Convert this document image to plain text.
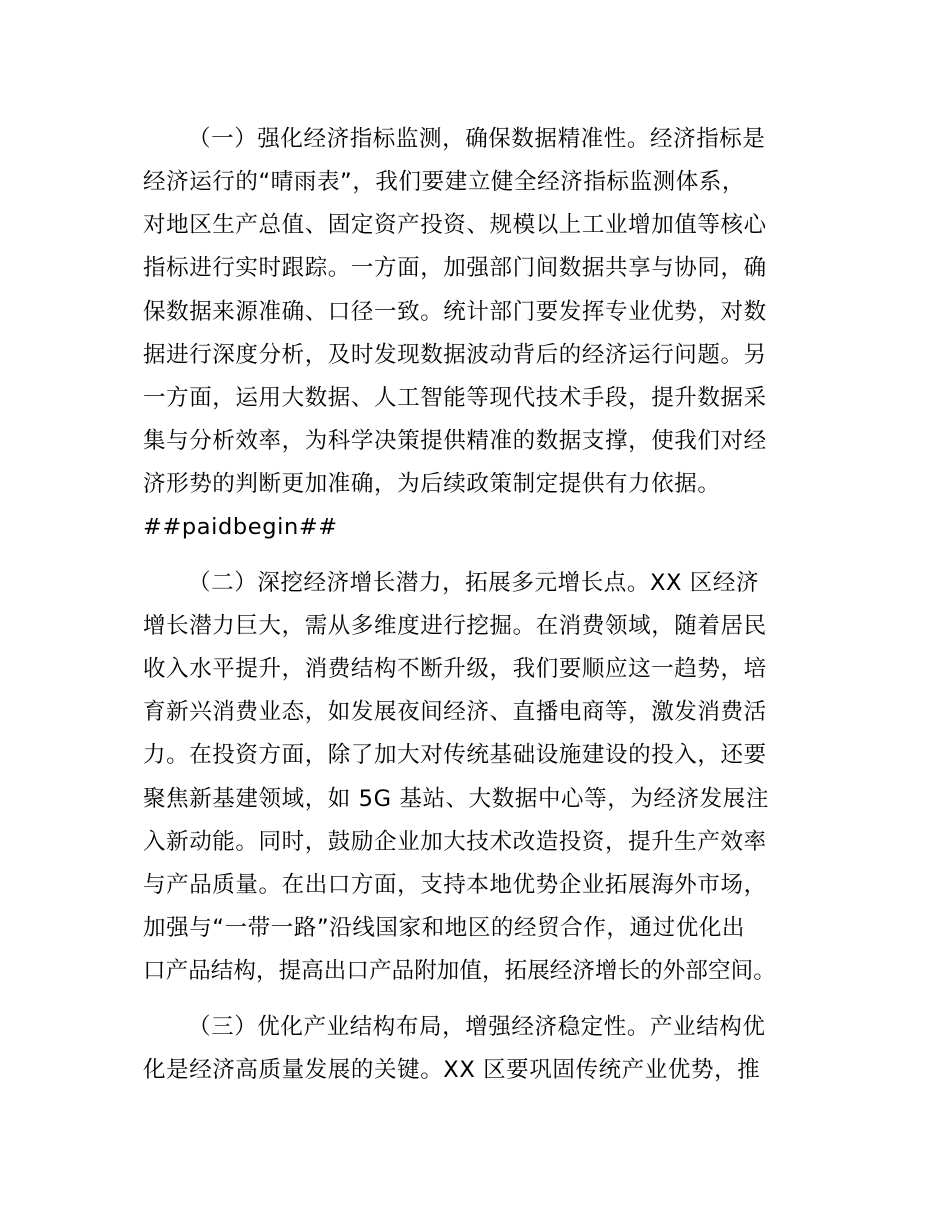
（一）强化经济指标监测，确保数据精准性。经济指标是
经济运行的“晴雨表”，我们要建立健全经济指标监测体系，
对地区生产总值、固定资产投资、规模以上工业增加值等核心
指标进行实时跟踪。一方面，加强部门间数据共享与协同，确
保数据来源准确、口径一致。统计部门要发挥专业优势，对数
据进行深度分析，及时发现数据波动背后的经济运行问题。另
一方面，运用大数据、人工智能等现代技术手段，提升数据采
集与分析效率，为科学决策提供精准的数据支撑，使我们对经
济形势的判断更加准确，为后续政策制定提供有力依据。
##paidbegin##
（二）深挖经济增长潜力，拓展多元增长点。XX 区经济
增长潜力巨大，需从多维度进行挖掘。在消费领域，随着居民
收入水平提升，消费结构不断升级，我们要顺应这一趋势，培
育新兴消费业态，如发展夜间经济、直播电商等，激发消费活
力。在投资方面，除了加大对传统基础设施建设的投入，还要
聚焦新基建领域，如 5G 基站、大数据中心等，为经济发展注
入新动能。同时，鼓励企业加大技术改造投资，提升生产效率
与产品质量。在出口方面，支持本地优势企业拓展海外市场，
加强与“一带一路”沿线国家和地区的经贸合作，通过优化出
口产品结构，提高出口产品附加值，拓展经济增长的外部空间。
（三）优化产业结构布局，增强经济稳定性。产业结构优
化是经济高质量发展的关键。XX 区要巩固传统产业优势，推
